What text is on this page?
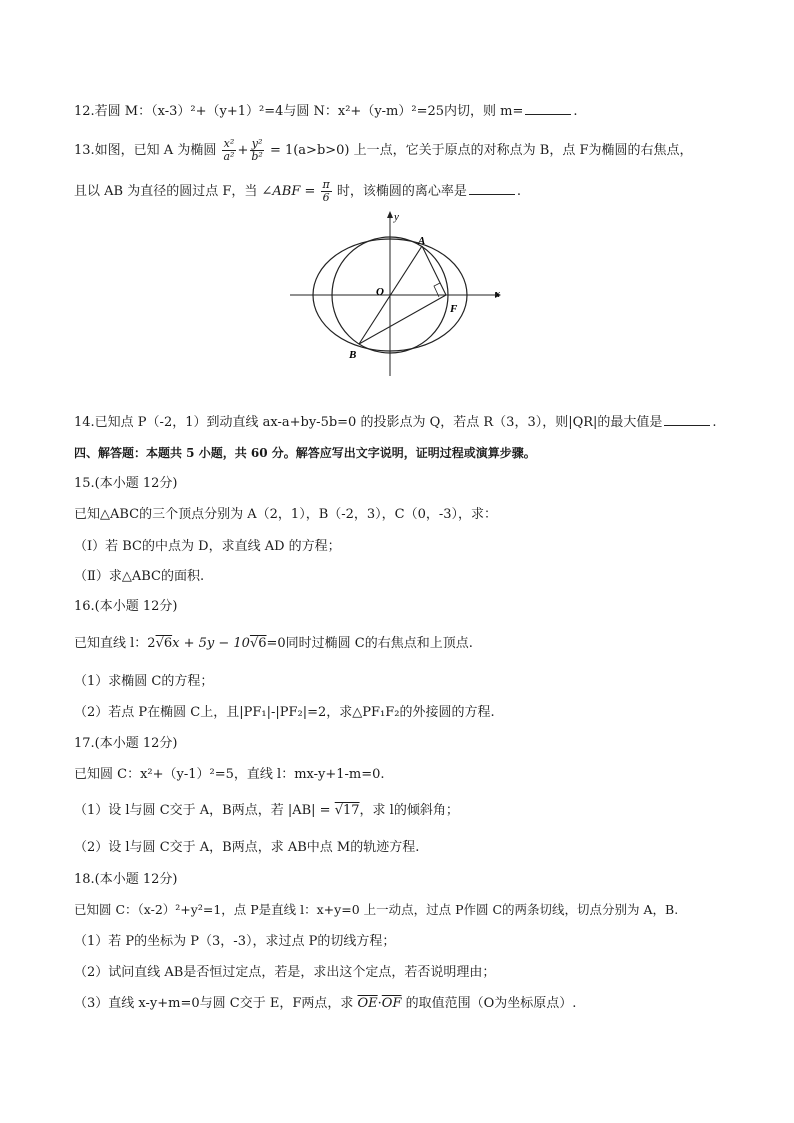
12.若圆 M：（x-3）²+（y+1）²=4与圆 N：x²+（y-m）²=25内切，则 m=	.
13.如图，已知 A 为椭圆 $\frac{\text{x²}}{\text{a²}} + \frac{\text{y²}}{\text{b²}} = 1(a>b>0)$ 上一点，它关于原点的对称点为 B，点 F为椭圆的右焦点，
且以 AB 为直径的圆过点 F，当 ∠ABF = $\frac{\pi}{6}$ 时，该椭圆的离心率是	.
y
x
O
A
B
F
14.已知点 P（-2，1）到动直线 ax-a+by-5b=0 的投影点为 Q，若点 R（3，3），则|QR|的最大值是	.
四、解答题：本题共 5 小题，共 60 分。解答应写出文字说明，证明过程或演算步骤。
15.(本小题 12分)
已知△ABC的三个顶点分别为 A（2，1），B（-2，3），C（0，-3），求：
（Ⅰ）若 BC的中点为 D，求直线 AD 的方程；
（Ⅱ）求△ABC的面积.
16.(本小题 12分)
已知直线 l：2√6x + 5y − 10√6=0同时过椭圆 C的右焦点和上顶点.
（1）求椭圆 C的方程；
（2）若点 P在椭圆 C上，且|PF₁|-|PF₂|=2，求△PF₁F₂的外接圆的方程.
17.(本小题 12分)
已知圆 C：x²+（y-1）²=5，直线 l：mx-y+1-m=0.
（1）设 l与圆 C交于 A，B两点，若 |AB| = √17，求 l的倾斜角；
（2）设 l与圆 C交于 A，B两点，求 AB中点 M的轨迹方程.
18.(本小题 12分)
已知圆 C：（x-2）²+y²=1，点 P是直线 l：x+y=0 上一动点，过点 P作圆 C的两条切线，切点分别为 A，B.
（1）若 P的坐标为 P（3，-3），求过点 P的切线方程；
（2）试问直线 AB是否恒过定点，若是，求出这个定点，若否说明理由；
（3）直线 x-y+m=0与圆 C交于 E，F两点，求 $\overline{OE}\cdot\overline{OF}$ 的取值范围（O为坐标原点）.
